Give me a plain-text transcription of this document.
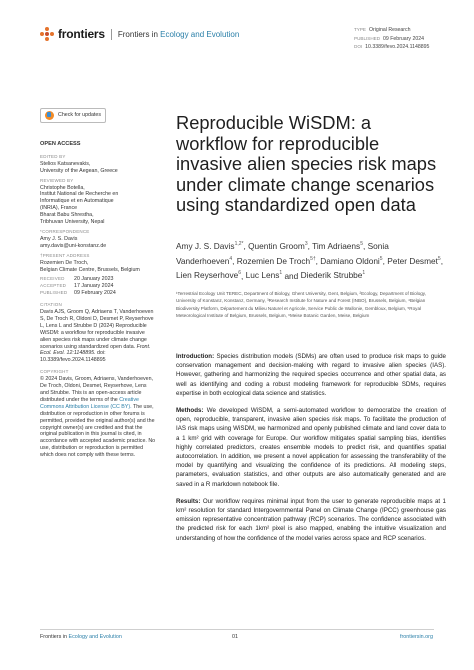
frontiers Frontiers in Ecology and Evolution	TYPE Original Research
PUBLISHED 09 February 2024
DOI 10.3389/fevo.2024.1148895
Check for updates
OPEN ACCESS
EDITED BY
Stelios Katsanevakis,
University of the Aegean, Greece
REVIEWED BY
Christophe Botella,
Institut National de Recherche en
Informatique et en Automatique
(INRIA), France
Bharat Babu Shrestha,
Tribhuvan University, Nepal
*CORRESPONDENCE
Amy J. S. Davis
amy.davis@uni-konstanz.de
†PRESENT ADDRESS
Rozemien De Troch,
Belgian Climate Centre, Brussels, Belgium
RECEIVED	20 January 2023
ACCEPTED	17 January 2024
PUBLISHED	09 February 2024
CITATION
Davis AJS, Groom Q, Adriaens T, Vanderhoeven S, De Troch R, Oldoni D, Desmet P, Reyserhove L, Lens L and Strubbe D (2024) Reproducible WiSDM: a workflow for reproducible invasive alien species risk maps under climate change scenarios using standardized open data. Front. Ecol. Evol. 12:1148895. doi: 10.3389/fevo.2024.1148895
COPYRIGHT
© 2024 Davis, Groom, Adriaens, Vanderhoeven, De Troch, Oldoni, Desmet, Reyserhove, Lens and Strubbe. This is an open-access article distributed under the terms of the Creative Commons Attribution License (CC BY). The use, distribution or reproduction in other forums is permitted, provided the original author(s) and the copyright owner(s) are credited and that the original publication in this journal is cited, in accordance with accepted academic practice. No use, distribution or reproduction is permitted which does not comply with these terms.
Reproducible WiSDM: a workflow for reproducible invasive alien species risk maps under climate change scenarios using standardized open data
Amy J. S. Davis$^{1,2*}$, Quentin Groom$^3$, Tim Adriaens$^5$, Sonia Vanderhoeven$^4$, Rozemien De Troch$^{5\dagger}$, Damiano Oldoni$^5$, Peter Desmet$^5$, Lien Reyserhove$^6$, Luc Lens$^1$ and Diederik Strubbe$^1$
¹Terrestrial Ecology Unit TEREC, Department of Biology, Ghent University, Gent, Belgium, ²Ecology, Department of Biology, University of Konstanz, Konstanz, Germany, ³Research Institute for Nature and Forest (INBO), Brussels, Belgium, ⁴Belgian Biodiversity Platform, Département du Milieu Naturel et Agricole, Service Public de Wallonie, Gembloux, Belgium, ⁵Royal Meteorological Institute of Belgium, Brussels, Belgium, ⁶Meise Botanic Garden, Meise, Belgium

Introduction: Species distribution models (SDMs) are often used to produce risk maps to guide conservation management and decision-making with regard to invasive alien species (IAS). However, gathering and harmonizing the required species occurrence and other spatial data, as well as identifying and coding a robust modeling framework for reproducible SDMs, requires expertise in both ecological data science and statistics.

Methods: We developed WiSDM, a semi-automated workflow to democratize the creation of open, reproducible, transparent, invasive alien species risk maps. To facilitate the production of IAS risk maps using WiSDM, we harmonized and openly published climate and land cover data to a 1 km² grid with coverage for Europe. Our workflow mitigates spatial sampling bias, identifies highly correlated predictors, creates ensemble models to predict risk, and quantifies spatial autocorrelation. In addition, we present a novel application for assessing the transferability of the model by quantifying and visualizing the confidence of its predictions. All modeling steps, parameters, evaluation statistics, and other outputs are also automatically generated and are saved in a R markdown notebook file.

Results: Our workflow requires minimal input from the user to generate reproducible maps at 1 km² resolution for standard Intergovernmental Panel on Climate Change (IPCC) greenhouse gas emission representative concentration pathway (RCP) scenarios. The confidence associated with the predicted risk for each 1km² pixel is also mapped, enabling the intuitive visualization and understanding of how the confidence of the model varies across space and RCP scenarios.

Frontiers in Ecology and Evolution	01	frontiersin.org
